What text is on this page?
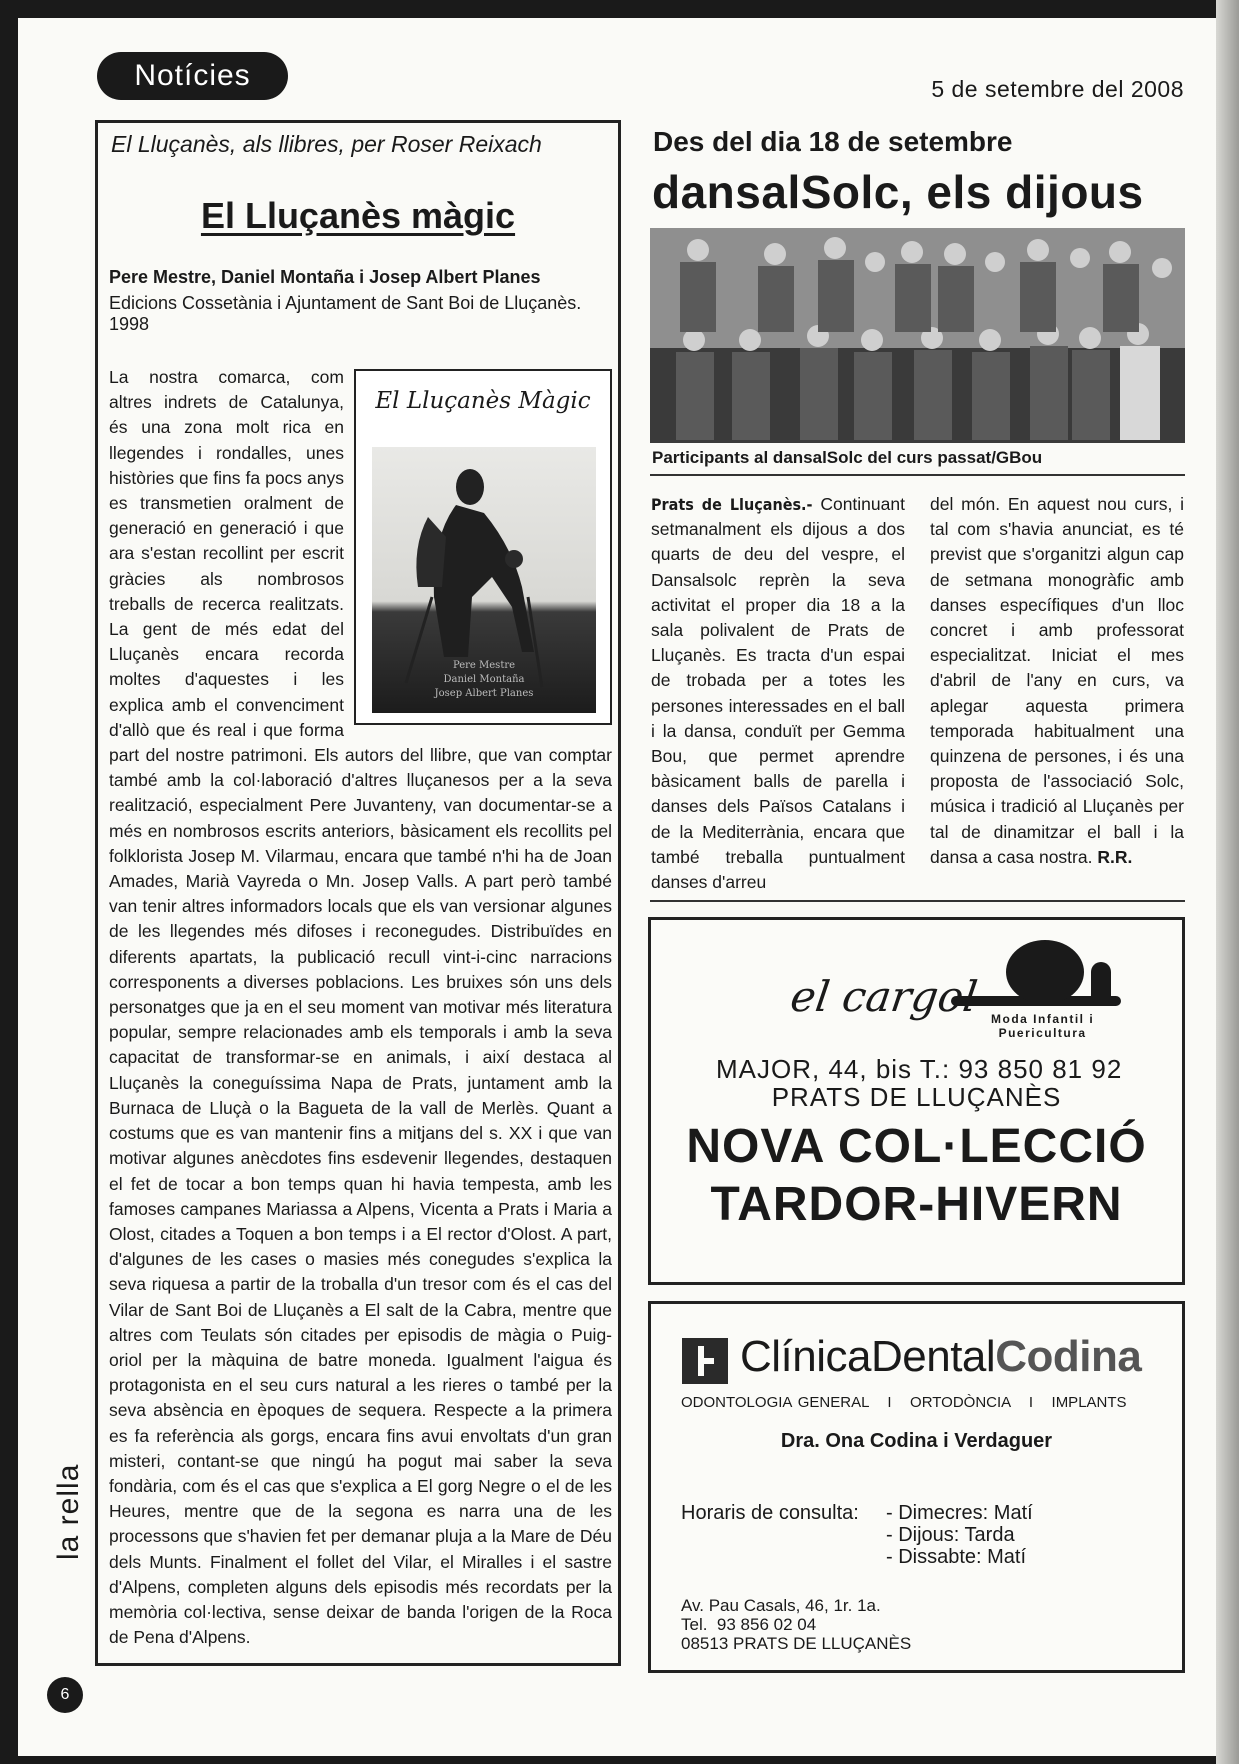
Notícies	5 de setembre del 2008
El Lluçanès, als llibres, per Roser Reixach
El Lluçanès màgic
Pere Mestre, Daniel Montaña i Josep Albert Planes
Edicions Cossetània i Ajuntament de Sant Boi de Lluçanès. 1998
El Lluçanès Màgic
Pere Mestre
Daniel Montaña
Josep Albert Planes
La nostra comarca, com altres indrets de Catalunya, és una zona molt rica en llegendes i rondalles, unes històries que fins fa pocs anys es transmetien oralment de generació en generació i que ara s'estan recollint per escrit gràcies als nombrosos treballs de recerca realitzats. La gent de més edat del Lluçanès encara recorda moltes d'aquestes i les explica amb el convenciment d'allò que és real i que forma part del nostre patrimoni. Els autors del llibre, que van comptar també amb la col·laboració d'altres lluçanesos per a la seva realització, especialment Pere Juvanteny, van documentar-se a més en nombrosos escrits anteriors, bàsicament els recollits pel folklorista Josep M. Vilarmau, encara que també n'hi ha de Joan Amades, Marià Vayreda o Mn. Josep Valls. A part però també van tenir altres informadors locals que els van versionar algunes de les llegendes més difoses i reconegudes. Distribuïdes en diferents apartats, la publicació recull vint-i-cinc narracions corresponents a diverses poblacions. Les bruixes són uns dels personatges que ja en el seu moment van motivar més literatura popular, sempre relacionades amb els temporals i amb la seva capacitat de transformar-se en animals, i així destaca al Lluçanès la coneguíssima Napa de Prats, juntament amb la Burnaca de Lluçà o la Bagueta de la vall de Merlès. Quant a costums que es van mantenir fins a mitjans del s. XX i que van motivar algunes anècdotes fins esdevenir llegendes, destaquen el fet de tocar a bon temps quan hi havia tempesta, amb les famoses campanes Mariassa a Alpens, Vicenta a Prats i Maria a Olost, citades a Toquen a bon temps i a El rector d'Olost. A part, d'algunes de les cases o masies més conegudes s'explica la seva riquesa a partir de la troballa d'un tresor com és el cas del Vilar de Sant Boi de Lluçanès a El salt de la Cabra, mentre que altres com Teulats són citades per episodis de màgia o Puig-oriol per la màquina de batre moneda. Igualment l'aigua és protagonista en el seu curs natural a les rieres o també per la seva absència en èpoques de sequera. Respecte a la primera es fa referència als gorgs, encara fins avui envoltats d'un gran misteri, contant-se que ningú ha pogut mai saber la seva fondària, com és el cas que s'explica a El gorg Negre o el de les Heures, mentre que de la segona es narra una de les processons que s'havien fet per demanar pluja a la Mare de Déu dels Munts. Finalment el follet del Vilar, el Miralles i el sastre d'Alpens, completen alguns dels episodis més recordats per la memòria col·lectiva, sense deixar de banda l'origen de la Roca de Pena d'Alpens.
Des del dia 18 de setembre
dansalSolc, els dijous
Participants al dansalSolc del curs passat/GBou

Prats de Lluçanès.- Continuant setmanalment els dijous a dos quarts de deu del vespre, el Dansalsolc reprèn la seva activitat el proper dia 18 a la sala polivalent de Prats de Lluçanès. Es tracta d'un espai de trobada per a totes les persones interessades en el ball i la dansa, conduït per Gemma Bou, que permet aprendre bàsicament balls de parella i danses dels Països Catalans i de la Mediterrània, encara que també treballa puntualment danses d'arreu

del món. En aquest nou curs, i tal com s'havia anunciat, es té previst que s'organitzi algun cap de setmana monogràfic amb danses específiques d'un lloc concret i amb professorat especialitzat. Iniciat el mes d'abril de l'any en curs, va aplegar aquesta primera temporada habitualment una quinzena de persones, i és una proposta de l'associació Solc, música i tradició al Lluçanès per tal de dinamitzar el ball i la dansa a casa nostra. R.R.

el cargol Moda Infantil i
Puericultura
MAJOR, 44, bis T.: 93 850 81 92
PRATS DE LLUÇANÈS
NOVA COL·LECCIÓ
TARDOR-HIVERN
ClínicaDentalCodina
ODONTOLOGIA GENERAL   I   ORTODÒNCIA   I   IMPLANTS
Dra. Ona Codina i Verdaguer
Horaris de consulta: - Dimecres: Matí
- Dijous: Tarda
- Dissabte: Matí
Av. Pau Casals, 46, 1r. 1a.
Tel.  93 856 02 04
08513 PRATS DE LLUÇANÈS
la rella
6
